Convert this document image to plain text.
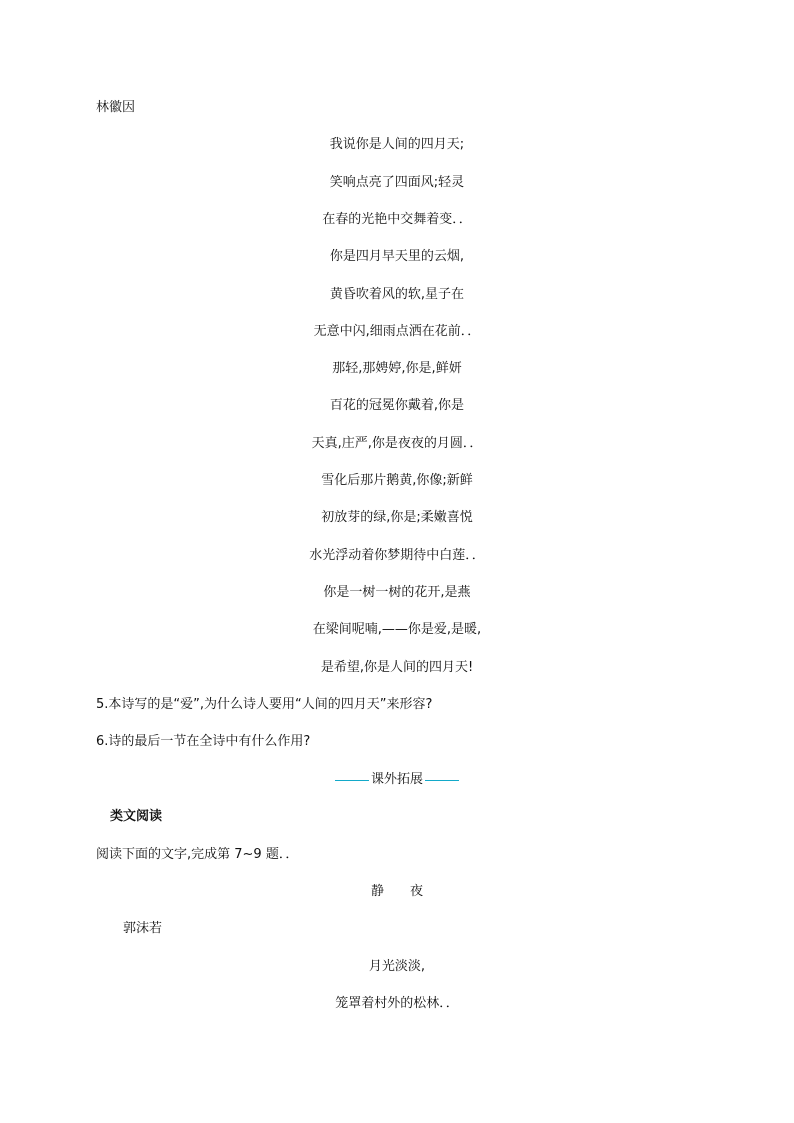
林徽因
我说你是人间的四月天;
笑响点亮了四面风;轻灵
在春的光艳中交舞着变．．
你是四月早天里的云烟,
黄昏吹着风的软,星子在
无意中闪,细雨点洒在花前．．
那轻,那娉婷,你是,鲜妍
百花的冠冕你戴着,你是
天真,庄严,你是夜夜的月圆．．
雪化后那片鹅黄,你像;新鲜
初放芽的绿,你是;柔嫩喜悦
水光浮动着你梦期待中白莲．．
你是一树一树的花开,是燕
在梁间呢喃,——你是爱,是暖,
是希望,你是人间的四月天!
5.本诗写的是“爱”,为什么诗人要用“人间的四月天”来形容?
6.诗的最后一节在全诗中有什么作用?
课外拓展
类文阅读
阅读下面的文字,完成第 7~9 题．．
静　　夜
郭沫若
月光淡淡,
笼罩着村外的松林．．
